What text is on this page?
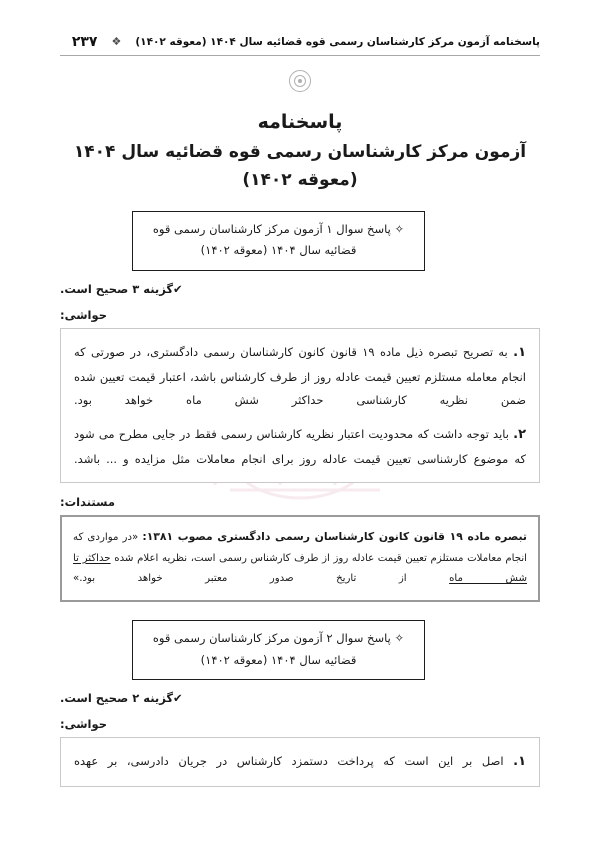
پاسخنامه آزمون مرکز کارشناسان رسمی قوه قضائیه سال ۱۴۰۴ (معوقه ۱۴۰۲)
❖
۲۳۷
پاسخنامه
آزمون مرکز کارشناسان رسمی قوه قضائیه سال ۱۴۰۴
(معوقه ۱۴۰۲)
✧ پاسخ سوال ۱ آزمون مرکز کارشناسان رسمی قوه قضائیه سال ۱۴۰۴ (معوقه ۱۴۰۲)
✔گزینه ۳ صحیح است.
حواشی:

۱. به تصریح تبصره ذیل ماده ۱۹ قانون کانون کارشناسان رسمی دادگستری، در صورتی که انجام معامله مستلزم تعیین قیمت عادله روز از طرف کارشناس باشد، اعتبار قیمت تعیین شده ضمن نظریه کارشناسی حداکثر شش ماه خواهد بود.

۲. باید توجه داشت که محدودیت اعتبار نظریه کارشناس رسمی فقط در جایی مطرح می شود که موضوع کارشناسی تعیین قیمت عادله روز برای انجام معاملات مثل مزایده و ... باشد.

مستندات:

تبصره ماده ۱۹ قانون کانون کارشناسان رسمی دادگستری مصوب ۱۳۸۱: «در مواردی که انجام معاملات مستلزم تعیین قیمت عادله روز از طرف کارشناس رسمی است، نظریه اعلام شده حداکثر تا شش ماه از تاریخ صدور معتبر خواهد بود.»

✧ پاسخ سوال ۲ آزمون مرکز کارشناسان رسمی قوه قضائیه سال ۱۴۰۴ (معوقه ۱۴۰۲)
✔گزینه ۲ صحیح است.
حواشی:

۱. اصل بر این است که پرداخت دستمزد کارشناس در جریان دادرسی، بر عهده
